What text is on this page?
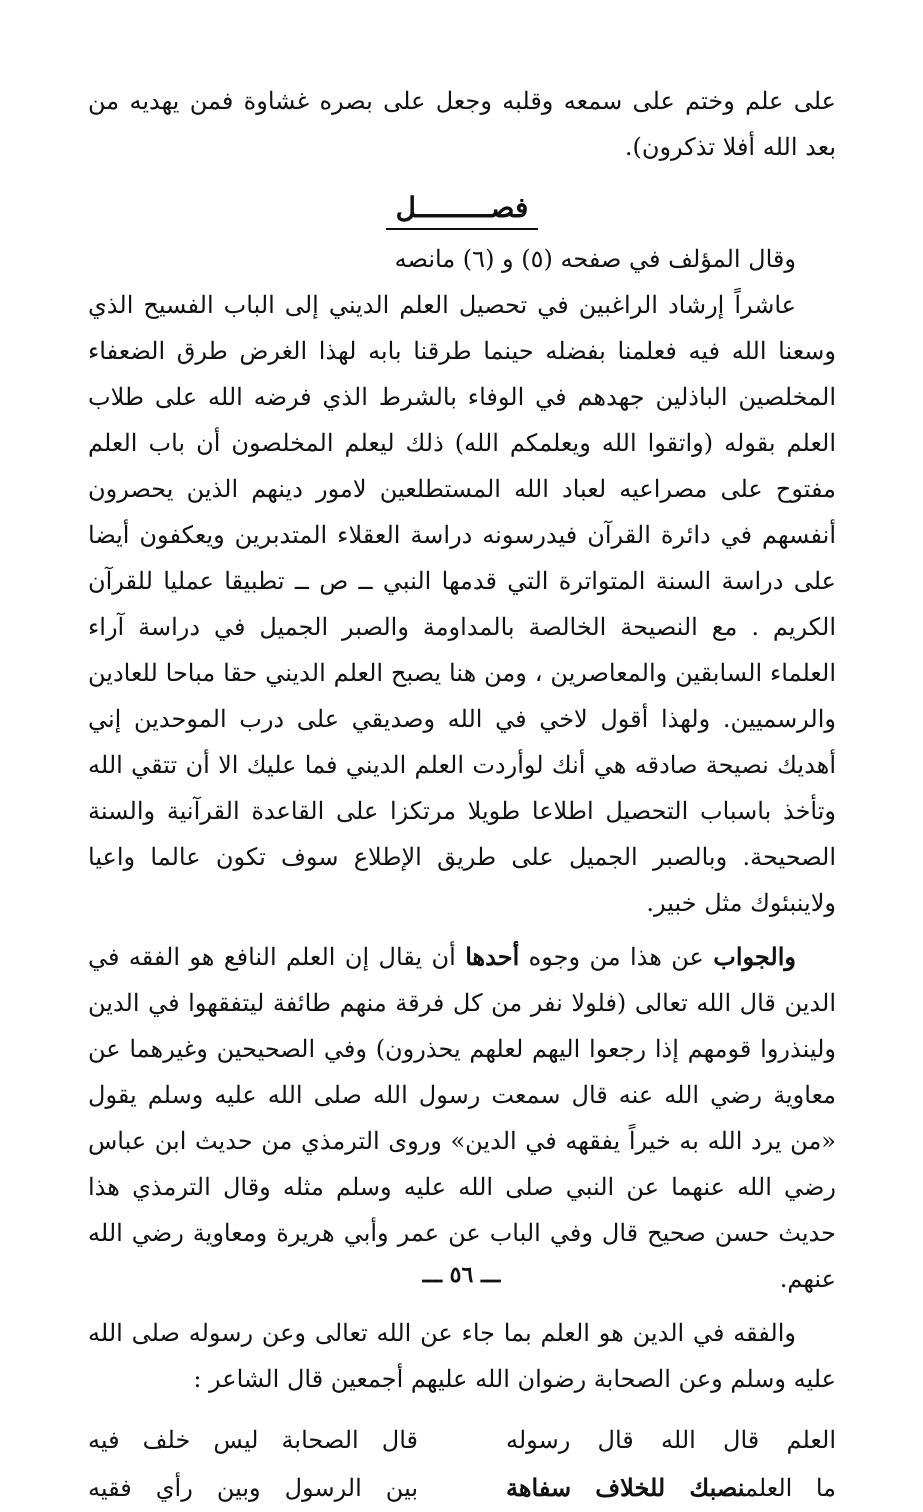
على علم وختم على سمعه وقلبه وجعل على بصره غشاوة فمن يهديه من بعد الله أفلا تذكرون).

فصـــــــــل

وقال المؤلف في صفحه (٥) و (٦) مانصه

عاشراً إرشاد الراغبين في تحصيل العلم الديني إلى الباب الفسيح الذي وسعنا الله فيه فعلمنا بفضله حينما طرقنا بابه لهذا الغرض طرق الضعفاء المخلصين الباذلين جهدهم في الوفاء بالشرط الذي فرضه الله على طلاب العلم بقوله (واتقوا الله ويعلمكم الله) ذلك ليعلم المخلصون أن باب العلم مفتوح على مصراعيه لعباد الله المستطلعين لامور دينهم الذين يحصرون أنفسهم في دائرة القرآن فيدرسونه دراسة العقلاء المتدبرين ويعكفون أيضا على دراسة السنة المتواترة التي قدمها النبي ــ ص ــ تطبيقا عمليا للقرآن الكريم . مع النصيحة الخالصة بالمداومة والصبر الجميل في دراسة آراء العلماء السابقين والمعاصرين ، ومن هنا يصبح العلم الديني حقا مباحا للعادين والرسميين. ولهذا أقول لاخي في الله وصديقي على درب الموحدين إني أهديك نصيحة صادقه هي أنك لوأردت العلم الديني فما عليك الا أن تتقي الله وتأخذ باسباب التحصيل اطلاعا طويلا مرتكزا على القاعدة القرآنية والسنة الصحيحة. وبالصبر الجميل على طريق الإطلاع سوف تكون عالما واعيا ولاينبئوك مثل خبير.

والجواب عن هذا من وجوه أحدها أن يقال إن العلم النافع هو الفقه في الدين قال الله تعالى (فلولا نفر من كل فرقة منهم طائفة ليتفقهوا في الدين ولينذروا قومهم إذا رجعوا اليهم لعلهم يحذرون) وفي الصحيحين وغيرهما عن معاوية رضي الله عنه قال سمعت رسول الله صلى الله عليه وسلم يقول «من يرد الله به خيراً يفقهه في الدين» وروى الترمذي من حديث ابن عباس رضي الله عنهما عن النبي صلى الله عليه وسلم مثله وقال الترمذي هذا حديث حسن صحيح قال وفي الباب عن عمر وأبي هريرة ومعاوية رضي الله عنهم.

والفقه في الدين هو العلم بما جاء عن الله تعالى وعن رسوله صلى الله عليه وسلم وعن الصحابة رضوان الله عليهم أجمعين قال الشاعر :

العلم قال الله قال رسوله
قال الصحابة ليس خلف فيه
ما العلمنصبك للخلاف سفاهة
بين الرسول وبين رأي فقيه
ـــ ٥٦ ـــ
